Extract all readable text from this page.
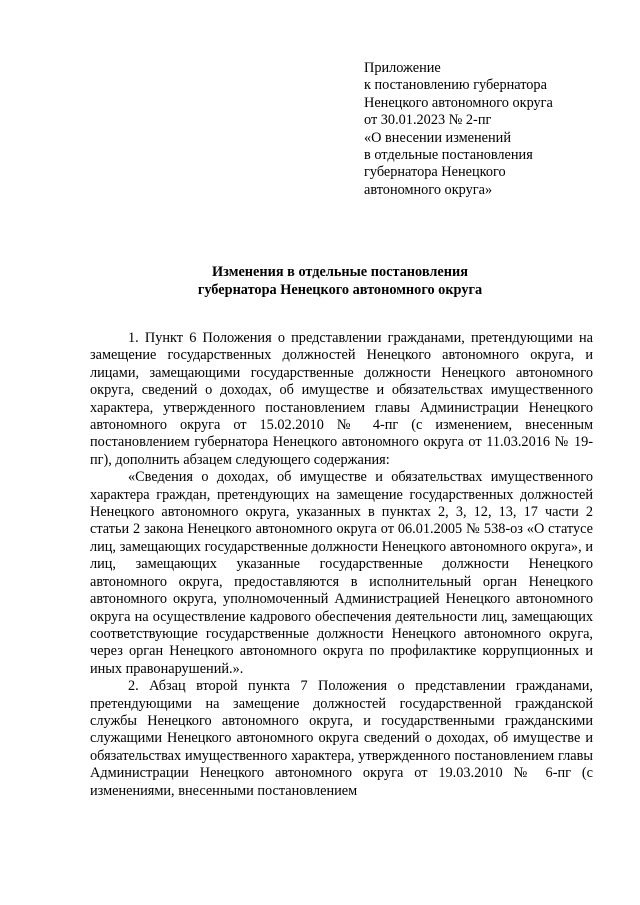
Приложение
к постановлению губернатора
Ненецкого автономного округа
от 30.01.2023 № 2-пг
«О внесении изменений
в отдельные постановления
губернатора Ненецкого
автономного округа»
Изменения в отдельные постановления
губернатора Ненецкого автономного округа

1. Пункт 6 Положения о представлении гражданами, претендующими на замещение государственных должностей Ненецкого автономного округа, и лицами, замещающими государственные должности Ненецкого автономного округа, сведений о доходах, об имуществе и обязательствах имущественного характера, утвержденного постановлением главы Администрации Ненецкого автономного округа от 15.02.2010 № 4-пг (с изменением, внесенным постановлением губернатора Ненецкого автономного округа от 11.03.2016 № 19-пг), дополнить абзацем следующего содержания:

«Сведения о доходах, об имуществе и обязательствах имущественного характера граждан, претендующих на замещение государственных должностей Ненецкого автономного округа, указанных в пунктах 2, 3, 12, 13, 17 части 2 статьи 2 закона Ненецкого автономного округа от 06.01.2005 № 538-оз «О статусе лиц, замещающих государственные должности Ненецкого автономного округа», и лиц, замещающих указанные государственные должности Ненецкого автономного округа, предоставляются в исполнительный орган Ненецкого автономного округа, уполномоченный Администрацией Ненецкого автономного округа на осуществление кадрового обеспечения деятельности лиц, замещающих соответствующие государственные должности Ненецкого автономного округа, через орган Ненецкого автономного округа по профилактике коррупционных и иных правонарушений.».

2. Абзац второй пункта 7 Положения о представлении гражданами, претендующими на замещение должностей государственной гражданской службы Ненецкого автономного округа, и государственными гражданскими служащими Ненецкого автономного округа сведений о доходах, об имуществе и обязательствах имущественного характера, утвержденного постановлением главы Администрации Ненецкого автономного округа от 19.03.2010 № 6-пг (с изменениями, внесенными постановлением
